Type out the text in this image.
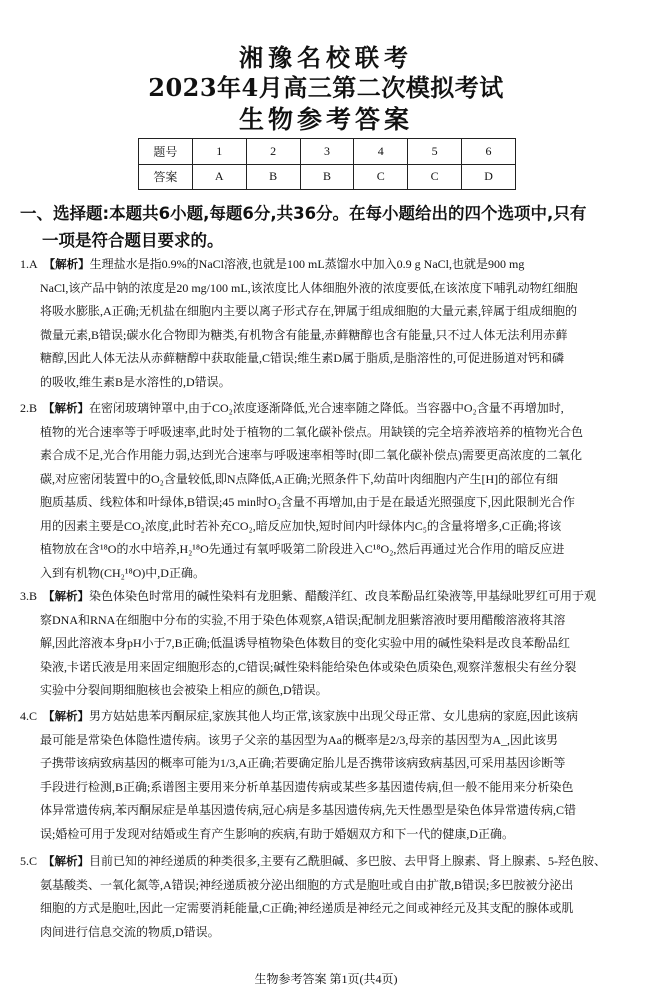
湘豫名校联考
2023年4月高三第二次模拟考试
生物参考答案
题号	1	2	3	4	5	6
答案	A	B	B	C	C	D
一、选择题:本题共6小题,每题6分,共36分。在每小题给出的四个选项中,只有
一项是符合题目要求的。
1.A  【解析】生理盐水是指0.9%的NaCl溶液,也就是100 mL蒸馏水中加入0.9 g NaCl,也就是900 mg
NaCl,该产品中钠的浓度是20 mg/100 mL,该浓度比人体细胞外液的浓度要低,在该浓度下哺乳动物红细胞
将吸水膨胀,A正确;无机盐在细胞内主要以离子形式存在,钾属于组成细胞的大量元素,锌属于组成细胞的
微量元素,B错误;碳水化合物即为糖类,有机物含有能量,赤藓糖醇也含有能量,只不过人体无法利用赤藓
糖醇,因此人体无法从赤藓糖醇中获取能量,C错误;维生素D属于脂质,是脂溶性的,可促进肠道对钙和磷
的吸收,维生素B是水溶性的,D错误。
2.B  【解析】在密闭玻璃钟罩中,由于CO₂浓度逐渐降低,光合速率随之降低。当容器中O₂含量不再增加时,
植物的光合速率等于呼吸速率,此时处于植物的二氧化碳补偿点。用缺镁的完全培养液培养的植物光合色
素合成不足,光合作用能力弱,达到光合速率与呼吸速率相等时(即二氧化碳补偿点)需要更高浓度的二氧化
碳,对应密闭装置中的O₂含量较低,即N点降低,A正确;光照条件下,幼苗叶肉细胞内产生[H]的部位有细
胞质基质、线粒体和叶绿体,B错误;45 min时O₂含量不再增加,由于是在最适光照强度下,因此限制光合作
用的因素主要是CO₂浓度,此时若补充CO₂,暗反应加快,短时间内叶绿体内C₅的含量将增多,C正确;将该
植物放在含¹⁸O的水中培养,H₂¹⁸O先通过有氧呼吸第二阶段进入C¹⁸O₂,然后再通过光合作用的暗反应进
入到有机物(CH₂¹⁸O)中,D正确。
3.B  【解析】染色体染色时常用的碱性染料有龙胆紫、醋酸洋红、改良苯酚品红染液等,甲基绿吡罗红可用于观
察DNA和RNA在细胞中分布的实验,不用于染色体观察,A错误;配制龙胆紫溶液时要用醋酸溶液将其溶
解,因此溶液本身pH小于7,B正确;低温诱导植物染色体数目的变化实验中用的碱性染料是改良苯酚品红
染液,卡诺氏液是用来固定细胞形态的,C错误;碱性染料能给染色体或染色质染色,观察洋葱根尖有丝分裂
实验中分裂间期细胞核也会被染上相应的颜色,D错误。
4.C  【解析】男方姑姑患苯丙酮尿症,家族其他人均正常,该家族中出现父母正常、女儿患病的家庭,因此该病
最可能是常染色体隐性遗传病。该男子父亲的基因型为Aa的概率是2/3,母亲的基因型为A_,因此该男
子携带该病致病基因的概率可能为1/3,A正确;若要确定胎儿是否携带该病致病基因,可采用基因诊断等
手段进行检测,B正确;系谱图主要用来分析单基因遗传病或某些多基因遗传病,但一般不能用来分析染色
体异常遗传病,苯丙酮尿症是单基因遗传病,冠心病是多基因遗传病,先天性愚型是染色体异常遗传病,C错
误;婚检可用于发现对结婚或生育产生影响的疾病,有助于婚姻双方和下一代的健康,D正确。
5.C  【解析】目前已知的神经递质的种类很多,主要有乙酰胆碱、多巴胺、去甲肾上腺素、肾上腺素、5-羟色胺、
氨基酸类、一氧化氮等,A错误;神经递质被分泌出细胞的方式是胞吐或自由扩散,B错误;多巴胺被分泌出
细胞的方式是胞吐,因此一定需要消耗能量,C正确;神经递质是神经元之间或神经元及其支配的腺体或肌
肉间进行信息交流的物质,D错误。
生物参考答案 第1页(共4页)
